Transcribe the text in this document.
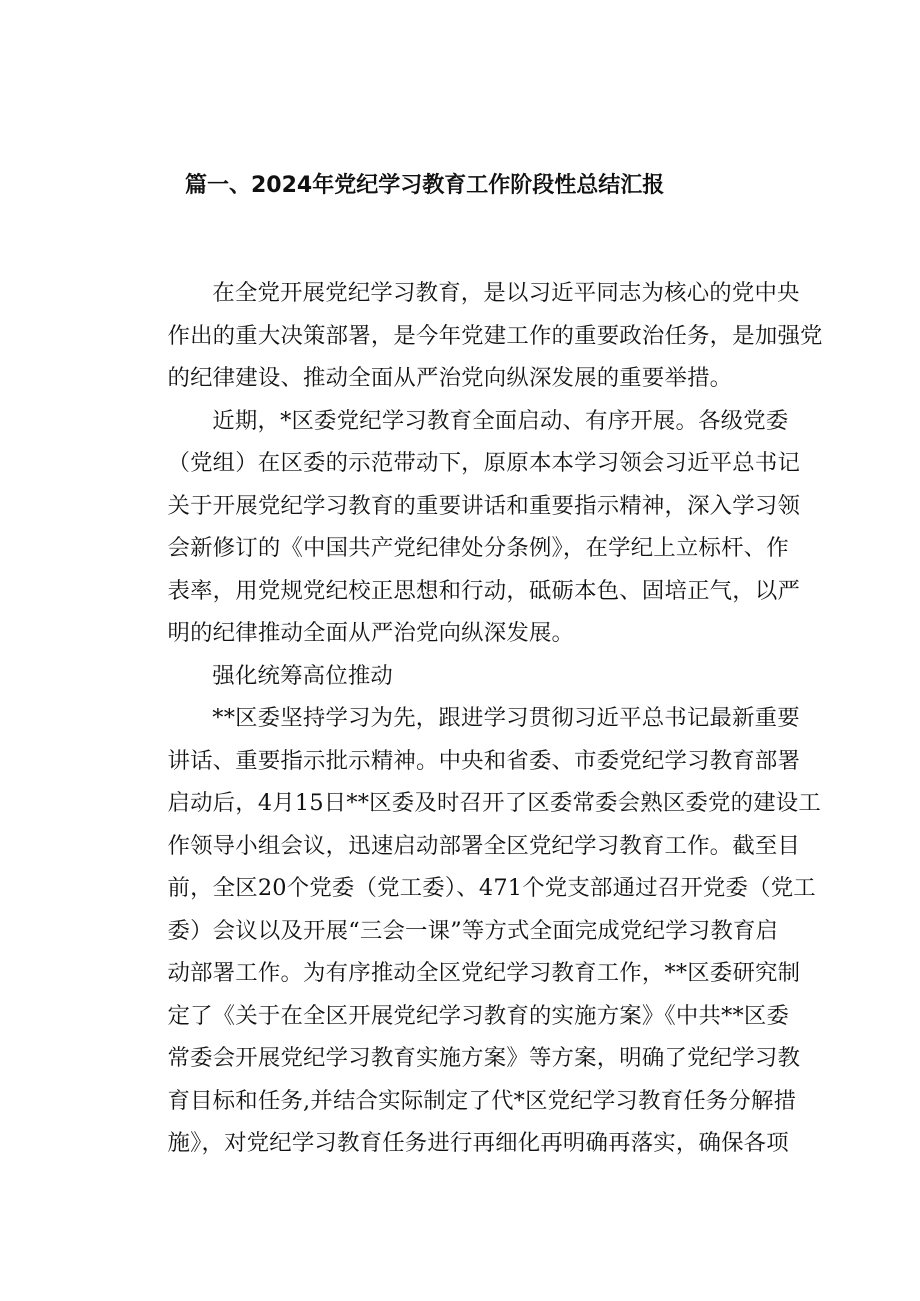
篇一、2024年党纪学习教育工作阶段性总结汇报

在全党开展党纪学习教育，是以习近平同志为核心的党中央
作出的重大决策部署，是今年党建工作的重要政治任务，是加强党
的纪律建设、推动全面从严治党向纵深发展的重要举措。

近期，*区委党纪学习教育全面启动、有序开展。各级党委
（党组）在区委的示范带动下，原原本本学习领会习近平总书记
关于开展党纪学习教育的重要讲话和重要指示精神，深入学习领
会新修订的《中国共产党纪律处分条例》，在学纪上立标杆、作
表率，用党规党纪校正思想和行动，砥砺本色、固培正气，以严
明的纪律推动全面从严治党向纵深发展。

强化统筹高位推动

**区委坚持学习为先，跟进学习贯彻习近平总书记最新重要
讲话、重要指示批示精神。中央和省委、市委党纪学习教育部署
启动后，4月15日**区委及时召开了区委常委会熟区委党的建设工
作领导小组会议，迅速启动部署全区党纪学习教育工作。截至目
前，全区20个党委（党工委）、471个党支部通过召开党委（党工
委）会议以及开展“三会一课”等方式全面完成党纪学习教育启
动部署工作。为有序推动全区党纪学习教育工作，**区委研究制
定了《关于在全区开展党纪学习教育的实施方案》《中共**区委
常委会开展党纪学习教育实施方案》等方案，明确了党纪学习教
育目标和任务,并结合实际制定了代*区党纪学习教育任务分解措
施》，对党纪学习教育任务进行再细化再明确再落实，确保各项
